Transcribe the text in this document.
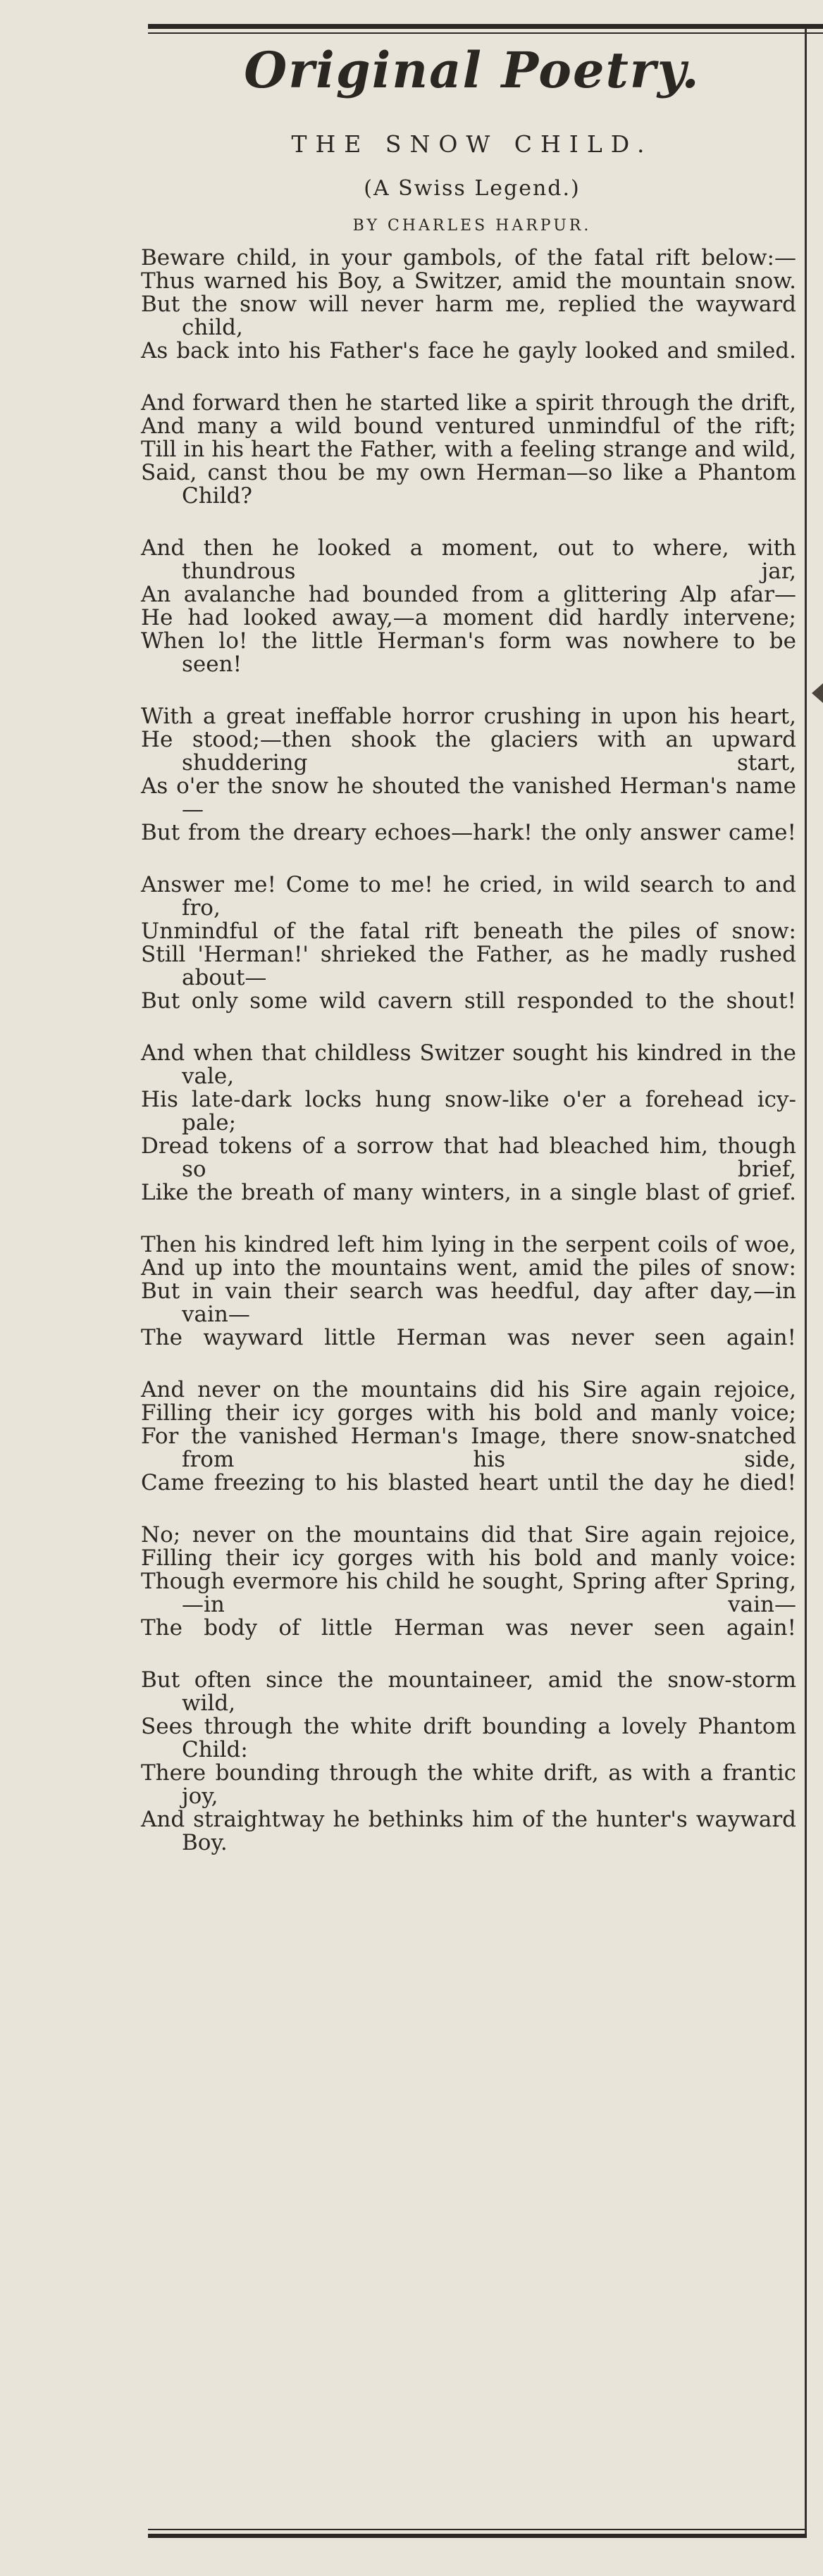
Original Poetry.
THE SNOW CHILD.
(A Swiss Legend.)
BY CHARLES HARPUR.
Beware child, in your gambols, of the fatal rift below:—
Thus warned his Boy, a Switzer, amid the mountain snow.
But the snow will never harm me, replied the wayward child,
As back into his Father's face he gayly looked and smiled.
And forward then he started like a spirit through the drift,
And many a wild bound ventured unmindful of the rift;
Till in his heart the Father, with a feeling strange and wild,
Said, canst thou be my own Herman—so like a Phantom Child?
And then he looked a moment, out to where, with thundrous jar,
An avalanche had bounded from a glittering Alp afar—
He had looked away,—a moment did hardly intervene;
When lo! the little Herman's form was nowhere to be seen!
With a great ineffable horror crushing in upon his heart,
He stood;—then shook the glaciers with an upward shuddering start,
As o'er the snow he shouted the vanished Herman's name—
But from the dreary echoes—hark! the only answer came!
Answer me! Come to me! he cried, in wild search to and fro,
Unmindful of the fatal rift beneath the piles of snow:
Still 'Herman!' shrieked the Father, as he madly rushed about—
But only some wild cavern still responded to the shout!
And when that childless Switzer sought his kindred in the vale,
His late-dark locks hung snow-like o'er a forehead icy-pale;
Dread tokens of a sorrow that had bleached him, though so brief,
Like the breath of many winters, in a single blast of grief.
Then his kindred left him lying in the serpent coils of woe,
And up into the mountains went, amid the piles of snow:
But in vain their search was heedful, day after day,—in vain—
The wayward little Herman was never seen again!
And never on the mountains did his Sire again rejoice,
Filling their icy gorges with his bold and manly voice;
For the vanished Herman's Image, there snow-snatched from his side,
Came freezing to his blasted heart until the day he died!
No; never on the mountains did that Sire again rejoice,
Filling their icy gorges with his bold and manly voice:
Though evermore his child he sought, Spring after Spring,—in vain—
The body of little Herman was never seen again!
But often since the mountaineer, amid the snow-storm wild,
Sees through the white drift bounding a lovely Phantom Child:
There bounding through the white drift, as with a frantic joy,
And straightway he bethinks him of the hunter's wayward Boy.
